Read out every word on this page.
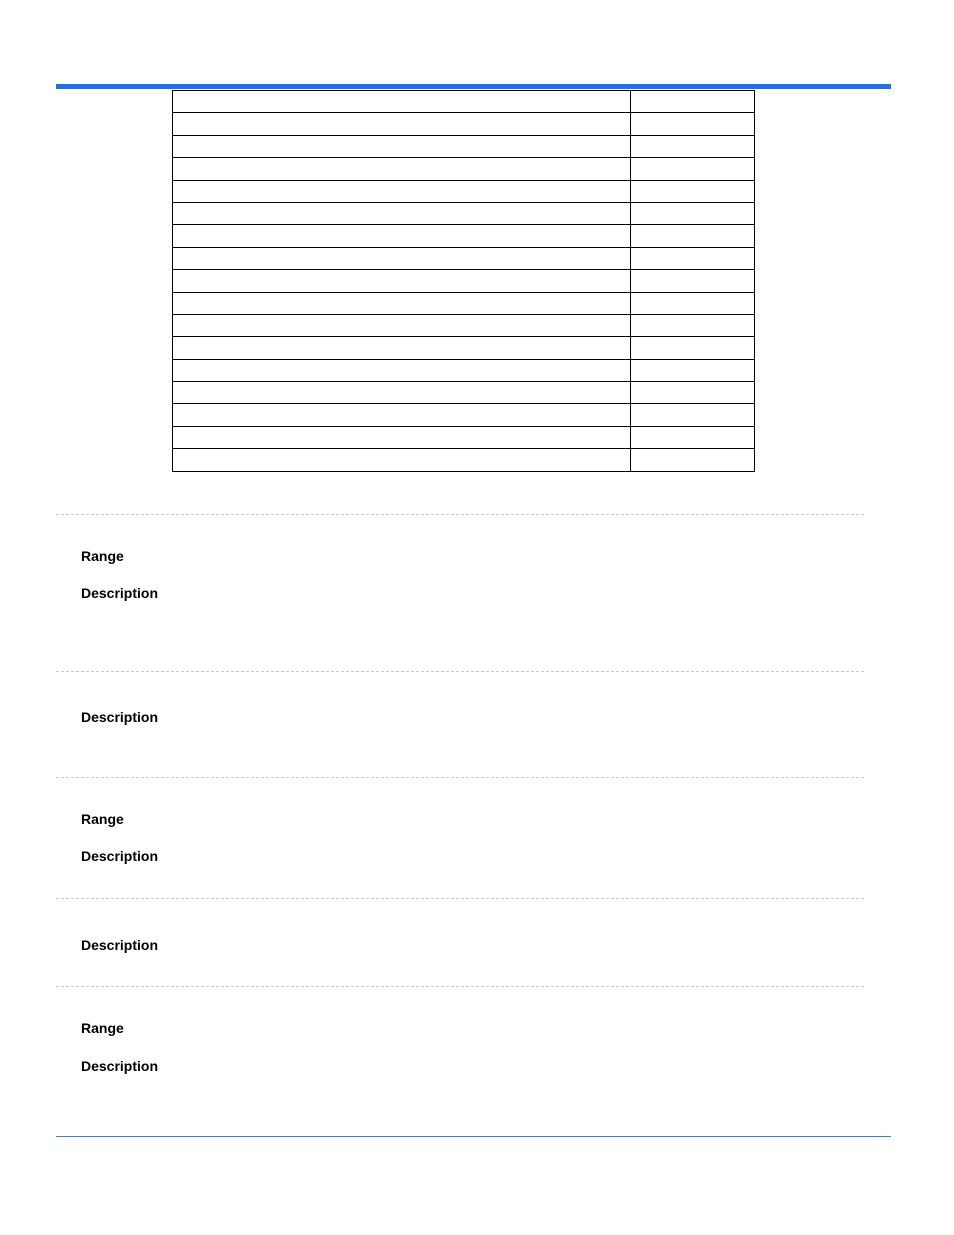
Range
Description
Description
Range
Description
Description
Range
Description
